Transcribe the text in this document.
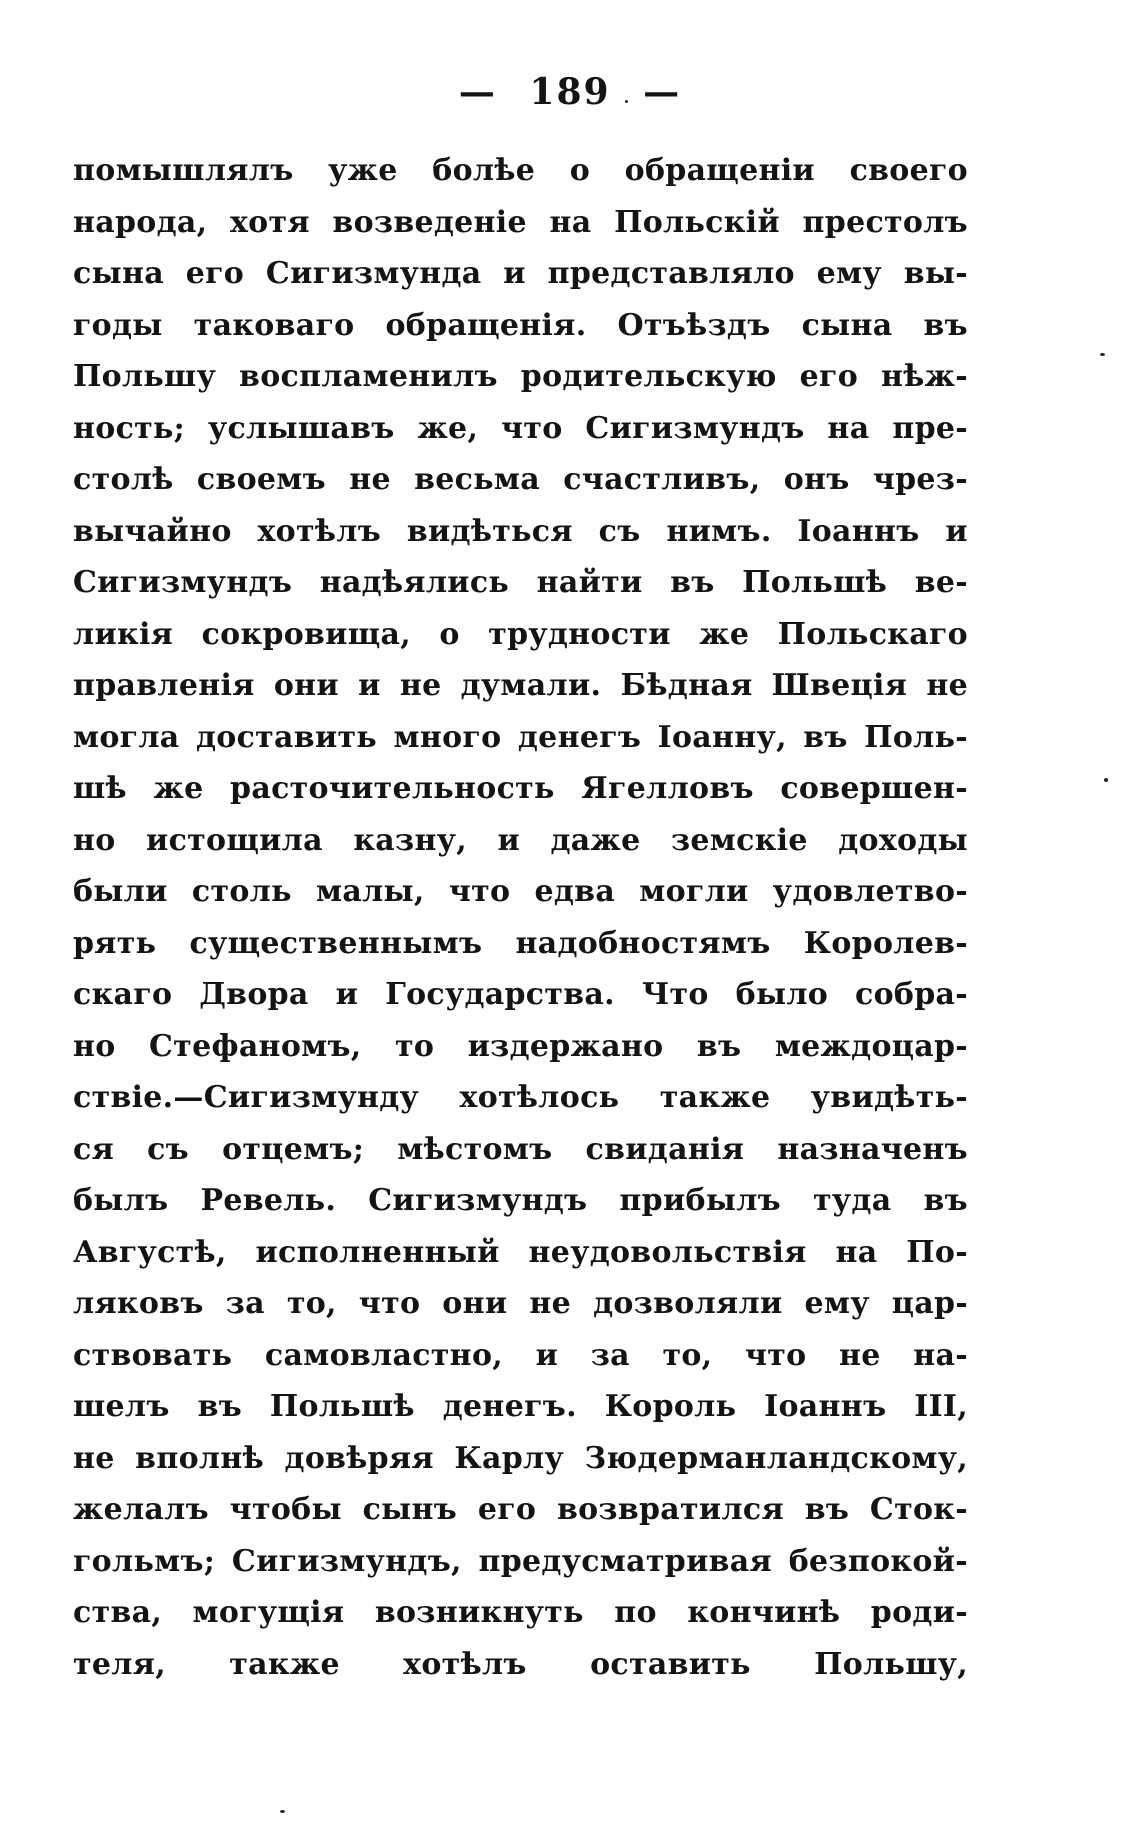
— 189 —
помышлялъ уже болѣе о обращеніи своего
народа, хотя возведеніе на Польскій престолъ
сына его Сигизмунда и представляло ему вы-
годы таковаго обращенія. Отъѣздъ сына въ
Польшу воспламенилъ родительскую его нѣж-
ность; услышавъ же, что Сигизмундъ на пре-
столѣ своемъ не весьма счастливъ, онъ чрез-
вычайно хотѣлъ видѣться съ нимъ. Іоаннъ и
Сигизмундъ надѣялись найти въ Польшѣ ве-
ликія сокровища, о трудности же Польскаго
правленія они и не думали. Бѣдная Швеція не
могла доставить много денегъ Іоанну, въ Поль-
шѣ же расточительность Ягелловъ совершен-
но истощила казну, и даже земскіе доходы
были столь малы, что едва могли удовлетво-
рять существеннымъ надобностямъ Королев-
скаго Двора и Государства. Что было собра-
но Стефаномъ, то издержано въ междоцар-
ствіе.—Сигизмунду хотѣлось также увидѣть-
ся съ отцемъ; мѣстомъ свиданія назначенъ
былъ Ревель. Сигизмундъ прибылъ туда въ
Августѣ, исполненный неудовольствія на По-
ляковъ за то, что они не дозволяли ему цар-
ствовать самовластно, и за то, что не на-
шелъ въ Польшѣ денегъ. Король Іоаннъ III,
не вполнѣ довѣряя Карлу Зюдерманландскому,
желалъ чтобы сынъ его возвратился въ Сток-
гольмъ; Сигизмундъ, предусматривая безпокой-
ства, могущія возникнуть по кончинѣ роди-
теля, также хотѣлъ оставить Польшу,
